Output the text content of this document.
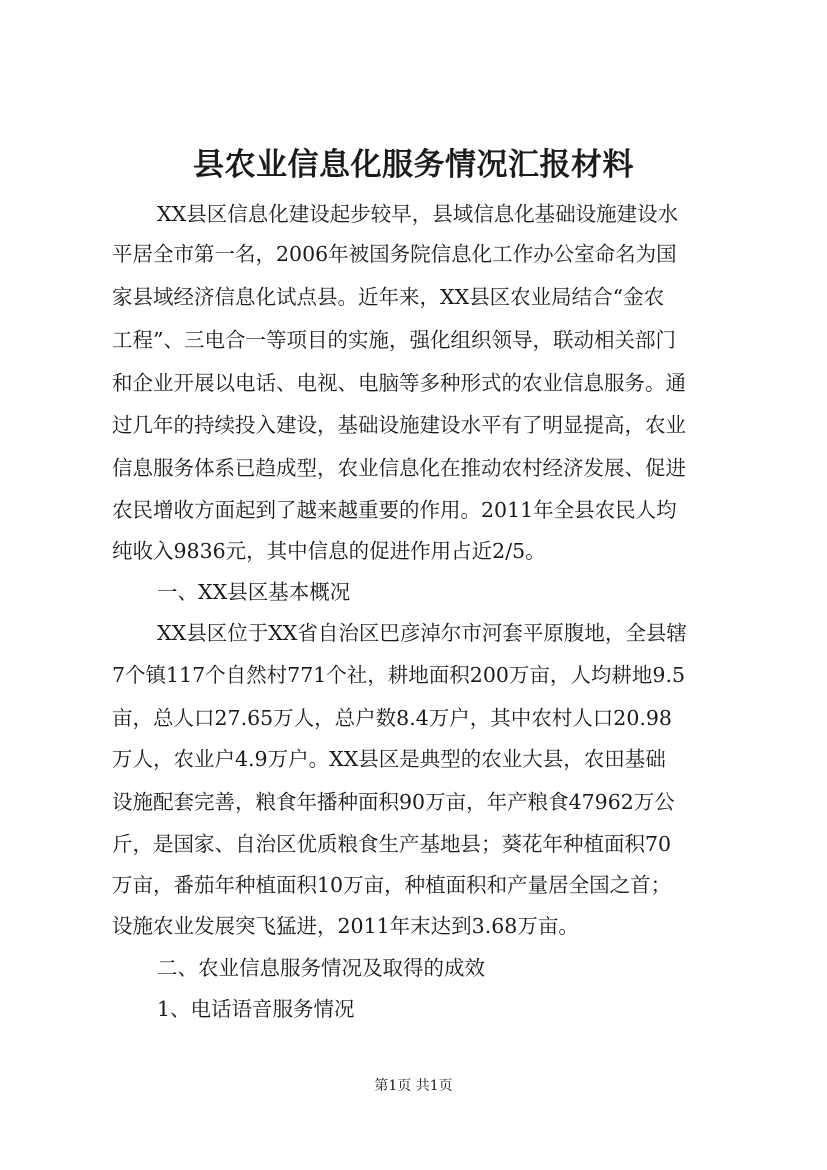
县农业信息化服务情况汇报材料

XX县区信息化建设起步较早，县域信息化基础设施建设水

平居全市第一名，2006年被国务院信息化工作办公室命名为国

家县域经济信息化试点县。近年来，XX县区农业局结合“金农

工程”、三电合一等项目的实施，强化组织领导，联动相关部门

和企业开展以电话、电视、电脑等多种形式的农业信息服务。通

过几年的持续投入建设，基础设施建设水平有了明显提高，农业

信息服务体系已趋成型，农业信息化在推动农村经济发展、促进

农民增收方面起到了越来越重要的作用。2011年全县农民人均

纯收入9836元，其中信息的促进作用占近2/5。

一、XX县区基本概况

XX县区位于XX省自治区巴彦淖尔市河套平原腹地，全县辖

7个镇117个自然村771个社，耕地面积200万亩，人均耕地9.5

亩，总人口27.65万人，总户数8.4万户，其中农村人口20.98

万人，农业户4.9万户。XX县区是典型的农业大县，农田基础

设施配套完善，粮食年播种面积90万亩，年产粮食47962万公

斤，是国家、自治区优质粮食生产基地县；葵花年种植面积70

万亩，番茄年种植面积10万亩，种植面积和产量居全国之首；

设施农业发展突飞猛进，2011年末达到3.68万亩。

二、农业信息服务情况及取得的成效

1、电话语音服务情况

第1页 共1页
